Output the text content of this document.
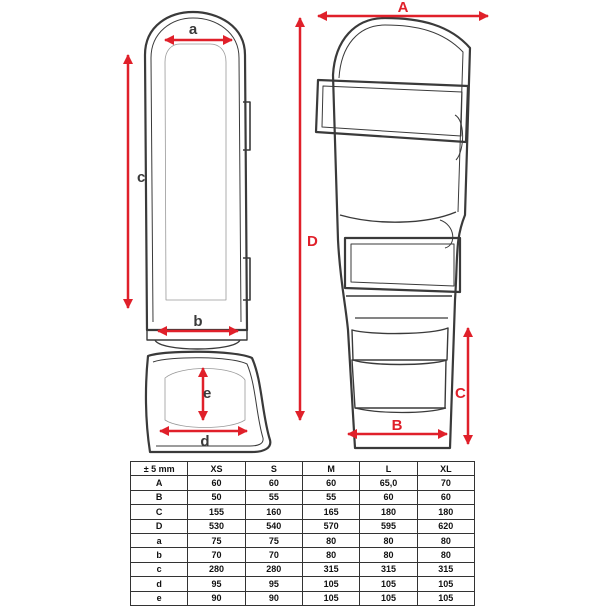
a
c
b
e
d
A
D
C
B
± 5 mm	XS	S	M	L	XL
A	60	60	60	65,0	70
B	50	55	55	60	60
C	155	160	165	180	180
D	530	540	570	595	620
a	75	75	80	80	80
b	70	70	80	80	80
c	280	280	315	315	315
d	95	95	105	105	105
e	90	90	105	105	105
